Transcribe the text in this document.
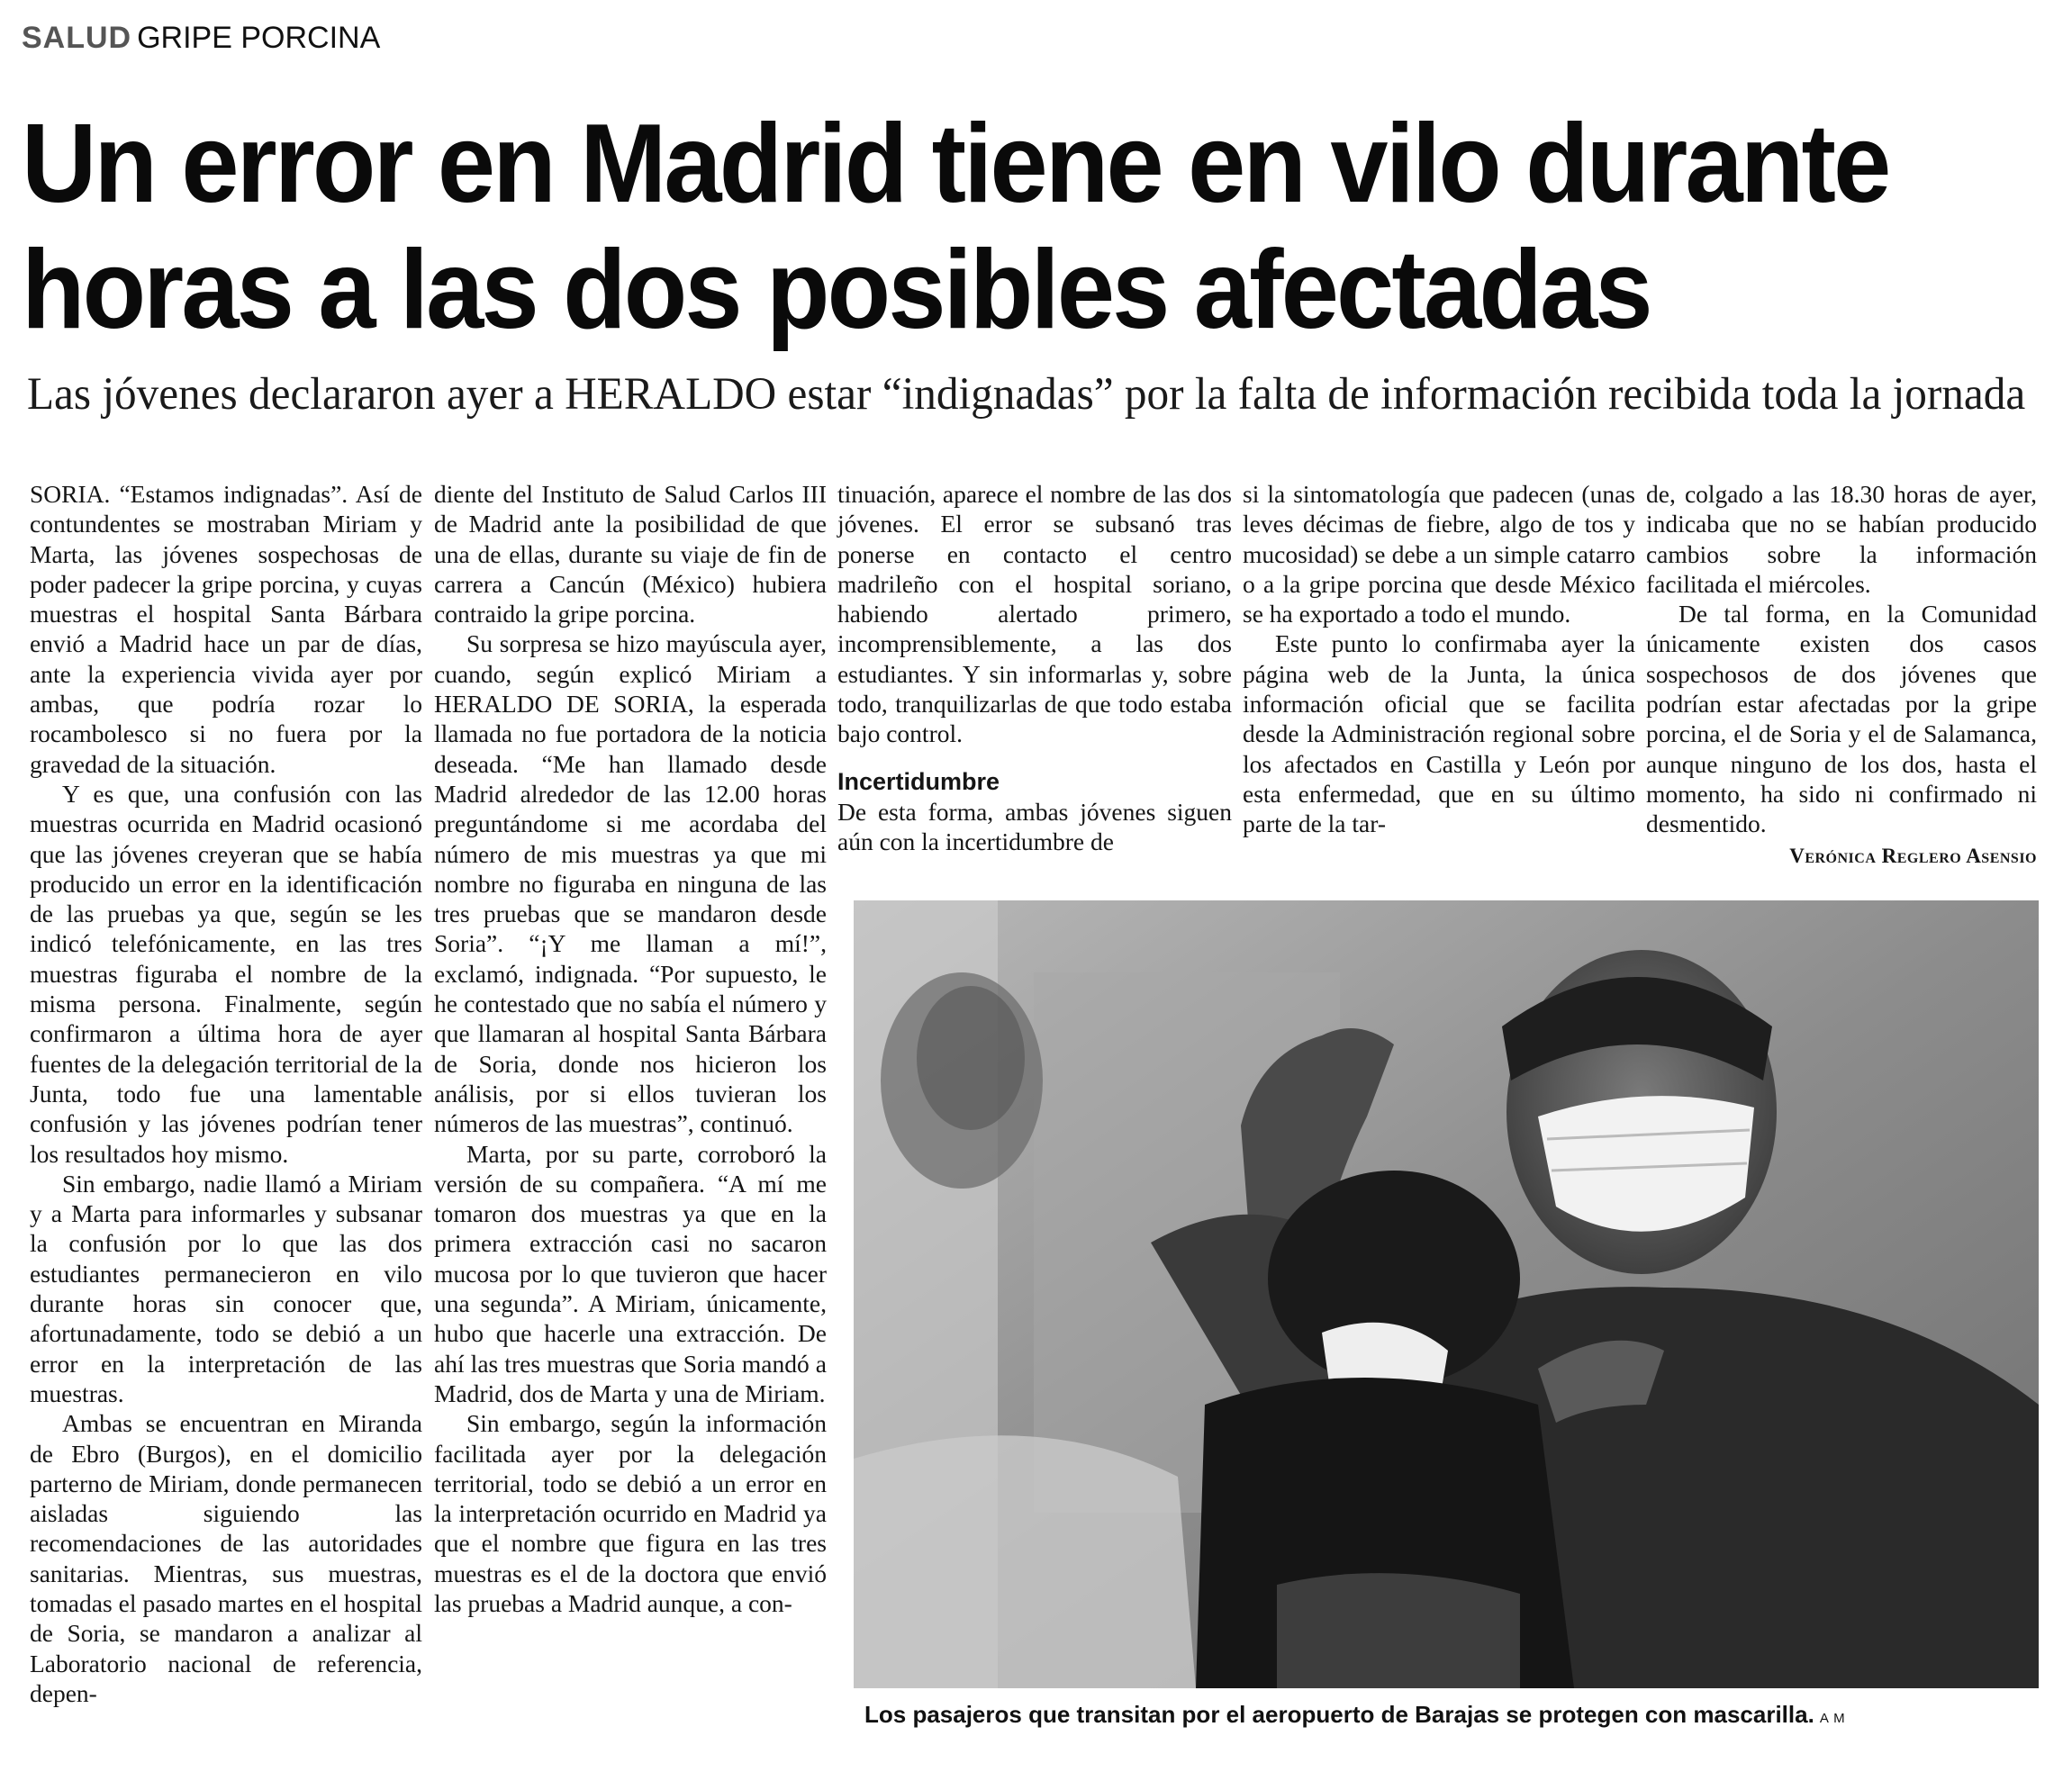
SALUD GRIPE PORCINA
Un error en Madrid tiene en vilo durante
horas a las dos posibles afectadas
Las jóvenes declararon ayer a HERALDO estar “indignadas” por la falta de información recibida toda la jornada

SORIA. “Estamos indignadas”. Así de contundentes se mostraban Miriam y Marta, las jóvenes sospechosas de poder padecer la gripe porcina, y cuyas muestras el hospital Santa Bárbara envió a Madrid hace un par de días, ante la experiencia vivida ayer por ambas, que podría rozar lo rocambolesco si no fuera por la gravedad de la situación.

Y es que, una confusión con las muestras ocurrida en Madrid ocasionó que las jóvenes creyeran que se había producido un error en la identificación de las pruebas ya que, según se les indicó telefónicamente, en las tres muestras figuraba el nombre de la misma persona. Finalmente, según confirmaron a última hora de ayer fuentes de la delegación territorial de la Junta, todo fue una lamentable confusión y las jóvenes podrían tener los resultados hoy mismo.

Sin embargo, nadie llamó a Miriam y a Marta para informarles y subsanar la confusión por lo que las dos estudiantes permanecieron en vilo durante horas sin conocer que, afortunadamente, todo se debió a un error en la interpretación de las muestras.

Ambas se encuentran en Miranda de Ebro (Burgos), en el domicilio parterno de Miriam, donde permanecen aisladas siguiendo las recomendaciones de las autoridades sanitarias. Mientras, sus muestras, tomadas el pasado martes en el hospital de Soria, se mandaron a analizar al Laboratorio nacional de referencia, depen-

diente del Instituto de Salud Carlos III de Madrid ante la posibilidad de que una de ellas, durante su viaje de fin de carrera a Cancún (México) hubiera contraido la gripe porcina.

Su sorpresa se hizo mayúscula ayer, cuando, según explicó Miriam a HERALDO DE SORIA, la esperada llamada no fue portadora de la noticia deseada. “Me han llamado desde Madrid alrededor de las 12.00 horas preguntándome si me acordaba del número de mis muestras ya que mi nombre no figuraba en ninguna de las tres pruebas que se mandaron desde Soria”. “¡Y me llaman a mí!”, exclamó, indignada. “Por supuesto, le he contestado que no sabía el número y que llamaran al hospital Santa Bárbara de Soria, donde nos hicieron los análisis, por si ellos tuvieran los números de las muestras”, continuó.

Marta, por su parte, corroboró la versión de su compañera. “A mí me tomaron dos muestras ya que en la primera extracción casi no sacaron mucosa por lo que tuvieron que hacer una segunda”. A Miriam, únicamente, hubo que hacerle una extracción. De ahí las tres muestras que Soria mandó a Madrid, dos de Marta y una de Miriam.

Sin embargo, según la información facilitada ayer por la delegación territorial, todo se debió a un error en la interpretación ocurrido en Madrid ya que el nombre que figura en las tres muestras es el de la doctora que envió las pruebas a Madrid aunque, a con-

tinuación, aparece el nombre de las dos jóvenes. El error se subsanó tras ponerse en contacto el centro madrileño con el hospital soriano, habiendo alertado primero, incomprensiblemente, a las dos estudiantes. Y sin informarlas y, sobre todo, tranquilizarlas de que todo estaba bajo control.

Incertidumbre

De esta forma, ambas jóvenes siguen aún con la incertidumbre de

si la sintomatología que padecen (unas leves décimas de fiebre, algo de tos y mucosidad) se debe a un simple catarro o a la gripe porcina que desde México se ha exportado a todo el mundo.

Este punto lo confirmaba ayer la página web de la Junta, la única información oficial que se facilita desde la Administración regional sobre los afectados en Castilla y León por esta enfermedad, que en su último parte de la tar-

de, colgado a las 18.30 horas de ayer, indicaba que no se habían producido cambios sobre la información facilitada el miércoles.

De tal forma, en la Comunidad únicamente existen dos casos sospechosos de dos jóvenes que podrían estar afectadas por la gripe porcina, el de Soria y el de Salamanca, aunque ninguno de los dos, hasta el momento, ha sido ni confirmado ni desmentido.

Verónica Reglero Asensio
Los pasajeros que transitan por el aeropuerto de Barajas se protegen con mascarilla. A M
